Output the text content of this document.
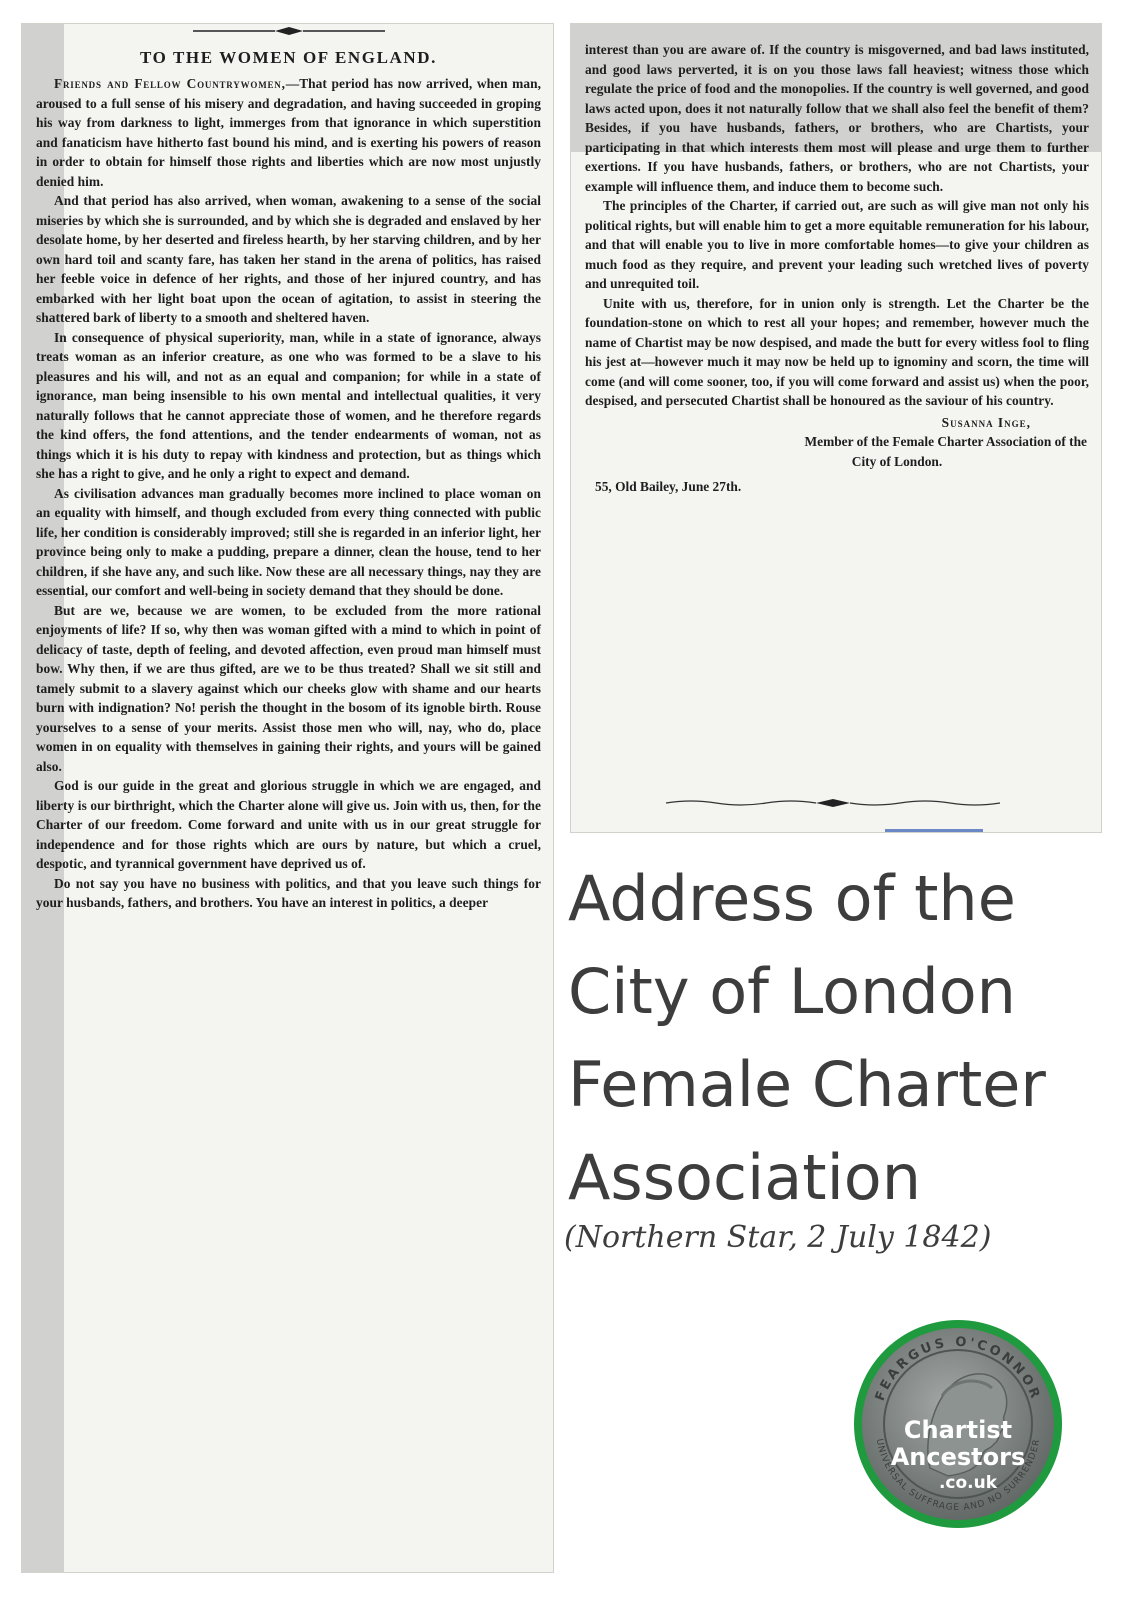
TO THE WOMEN OF ENGLAND.

Friends and Fellow Countrywomen,—That period has now arrived, when man, aroused to a full sense of his misery and degradation, and having succeeded in groping his way from darkness to light, immerges from that ignorance in which superstition and fanaticism have hitherto fast bound his mind, and is exerting his powers of reason in order to obtain for himself those rights and liberties which are now most unjustly denied him.

And that period has also arrived, when woman, awakening to a sense of the social miseries by which she is surrounded, and by which she is degraded and enslaved by her desolate home, by her deserted and fireless hearth, by her starving children, and by her own hard toil and scanty fare, has taken her stand in the arena of politics, has raised her feeble voice in defence of her rights, and those of her injured country, and has embarked with her light boat upon the ocean of agitation, to assist in steering the shattered bark of liberty to a smooth and sheltered haven.

In consequence of physical superiority, man, while in a state of ignorance, always treats woman as an inferior creature, as one who was formed to be a slave to his pleasures and his will, and not as an equal and companion; for while in a state of ignorance, man being insensible to his own mental and intellectual qualities, it very naturally follows that he cannot appreciate those of women, and he therefore regards the kind offers, the fond attentions, and the tender endearments of woman, not as things which it is his duty to repay with kindness and protection, but as things which she has a right to give, and he only a right to expect and demand.

As civilisation advances man gradually becomes more inclined to place woman on an equality with himself, and though excluded from every thing connected with public life, her condition is considerably improved; still she is regarded in an inferior light, her province being only to make a pudding, prepare a dinner, clean the house, tend to her children, if she have any, and such like. Now these are all necessary things, nay they are essential, our comfort and well-being in society demand that they should be done.

But are we, because we are women, to be excluded from the more rational enjoyments of life? If so, why then was woman gifted with a mind to which in point of delicacy of taste, depth of feeling, and devoted affection, even proud man himself must bow. Why then, if we are thus gifted, are we to be thus treated? Shall we sit still and tamely submit to a slavery against which our cheeks glow with shame and our hearts burn with indignation? No! perish the thought in the bosom of its ignoble birth. Rouse yourselves to a sense of your merits. Assist those men who will, nay, who do, place women in on equality with themselves in gaining their rights, and yours will be gained also.

God is our guide in the great and glorious struggle in which we are engaged, and liberty is our birthright, which the Charter alone will give us. Join with us, then, for the Charter of our freedom. Come forward and unite with us in our great struggle for independence and for those rights which are ours by nature, but which a cruel, despotic, and tyrannical government have deprived us of.

Do not say you have no business with politics, and that you leave such things for your husbands, fathers, and brothers. You have an interest in politics, a deeper

interest than you are aware of. If the country is misgoverned, and bad laws instituted, and good laws perverted, it is on you those laws fall heaviest; witness those which regulate the price of food and the monopolies. If the country is well governed, and good laws acted upon, does it not naturally follow that we shall also feel the benefit of them? Besides, if you have husbands, fathers, or brothers, who are Chartists, your participating in that which interests them most will please and urge them to further exertions. If you have husbands, fathers, or brothers, who are not Chartists, your example will influence them, and induce them to become such.

The principles of the Charter, if carried out, are such as will give man not only his political rights, but will enable him to get a more equitable remuneration for his labour, and that will enable you to live in more comfortable homes—to give your children as much food as they require, and prevent your leading such wretched lives of poverty and unrequited toil.

Unite with us, therefore, for in union only is strength. Let the Charter be the foundation-stone on which to rest all your hopes; and remember, however much the name of Chartist may be now despised, and made the butt for every witless fool to fling his jest at—however much it may now be held up to ignominy and scorn, the time will come (and will come sooner, too, if you will come forward and assist us) when the poor, despised, and persecuted Chartist shall be honoured as the saviour of his country.

Susanna Inge,
Member of the Female Charter Association of the
City of London.
55, Old Bailey, June 27th.
Address of the
City of London
Female Charter
Association

(Northern Star, 2 July 1842)

FEARGUS O'CONNOR
UNIVERSAL SUFFRAGE AND NO SURRENDER
Chartist
Ancestors
.co.uk
